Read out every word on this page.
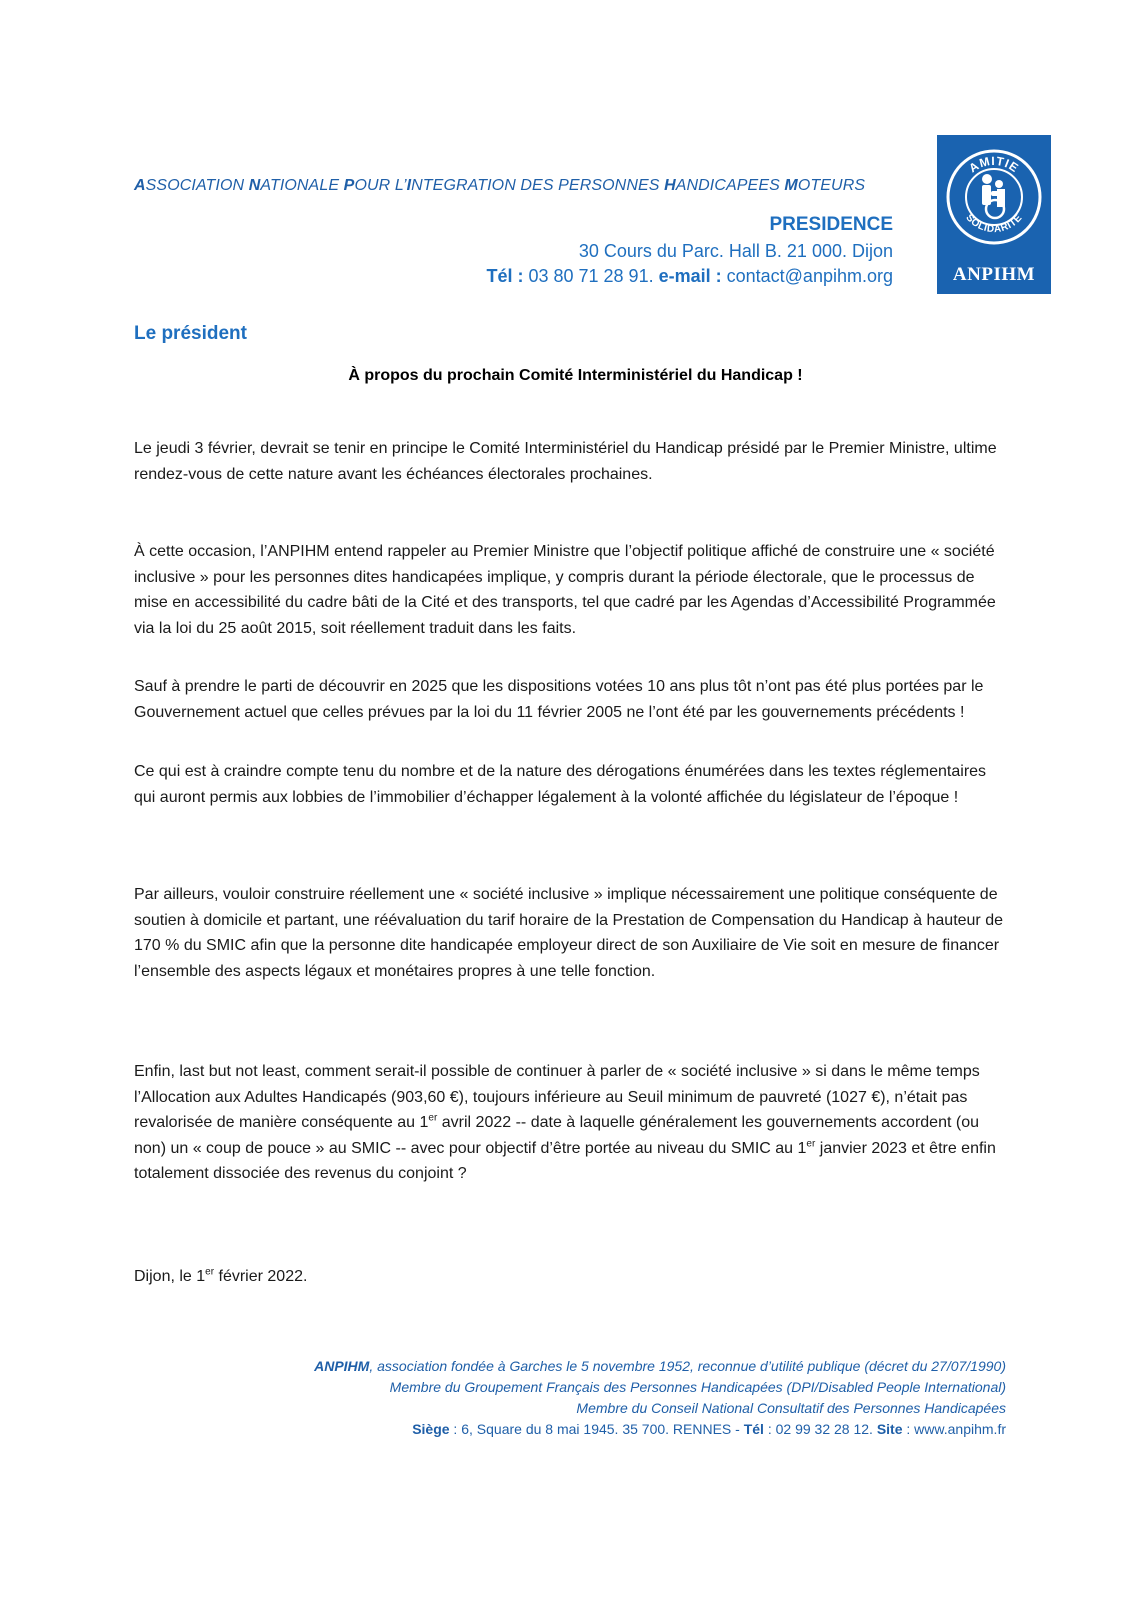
ASSOCIATION NATIONALE POUR L’INTEGRATION DES PERSONNES HANDICAPEES MOTEURS
PRESIDENCE
30 Cours du Parc. Hall B. 21 000. Dijon
Tél : 03 80 71 28 91. e-mail : contact@anpihm.org
AMITIE
SOLIDARITE
ANPIHM
Le président
À propos du prochain Comité Interministériel du Handicap !
Le jeudi 3 février, devrait se tenir en principe le Comité Interministériel du Handicap présidé par le Premier Ministre, ultime rendez-vous de cette nature avant les échéances électorales prochaines.
À cette occasion, l’ANPIHM entend rappeler au Premier Ministre que l’objectif politique affiché de construire une « société inclusive » pour les personnes dites handicapées implique, y compris durant la période électorale, que le processus de mise en accessibilité du cadre bâti de la Cité et des transports, tel que cadré par les Agendas d’Accessibilité Programmée via la loi du 25 août 2015, soit réellement traduit dans les faits.
Sauf à prendre le parti de découvrir en 2025 que les dispositions votées 10 ans plus tôt n’ont pas été plus portées par le Gouvernement actuel que celles prévues par la loi du 11 février 2005 ne l’ont été par les gouvernements précédents !
Ce qui est à craindre compte tenu du nombre et de la nature des dérogations énumérées dans les textes réglementaires qui auront permis aux lobbies de l’immobilier d’échapper légalement à la volonté affichée du législateur de l’époque !
Par ailleurs, vouloir construire réellement une « société inclusive » implique nécessairement une politique conséquente de soutien à domicile et partant, une réévaluation du tarif horaire de la Prestation de Compensation du Handicap à hauteur de 170 % du SMIC afin que la personne dite handicapée employeur direct de son Auxiliaire de Vie soit en mesure de financer l’ensemble des aspects légaux et monétaires propres à une telle fonction.
Enfin, last but not least, comment serait-il possible de continuer à parler de « société inclusive » si dans le même temps l’Allocation aux Adultes Handicapés (903,60 €), toujours inférieure au Seuil minimum de pauvreté (1027 €), n’était pas revalorisée de manière conséquente au 1er avril 2022 -- date à laquelle généralement les gouvernements accordent (ou non) un « coup de pouce » au SMIC -- avec pour objectif d’être portée au niveau du SMIC au 1er janvier 2023 et être enfin totalement dissociée des revenus du conjoint ?
Dijon, le 1er février 2022.
ANPIHM, association fondée à Garches le 5 novembre 1952, reconnue d’utilité publique (décret du 27/07/1990)
Membre du Groupement Français des Personnes Handicapées (DPI/Disabled People International)
Membre du Conseil National Consultatif des Personnes Handicapées
Siège : 6, Square du 8 mai 1945. 35 700. RENNES - Tél : 02 99 32 28 12. Site : www.anpihm.fr
